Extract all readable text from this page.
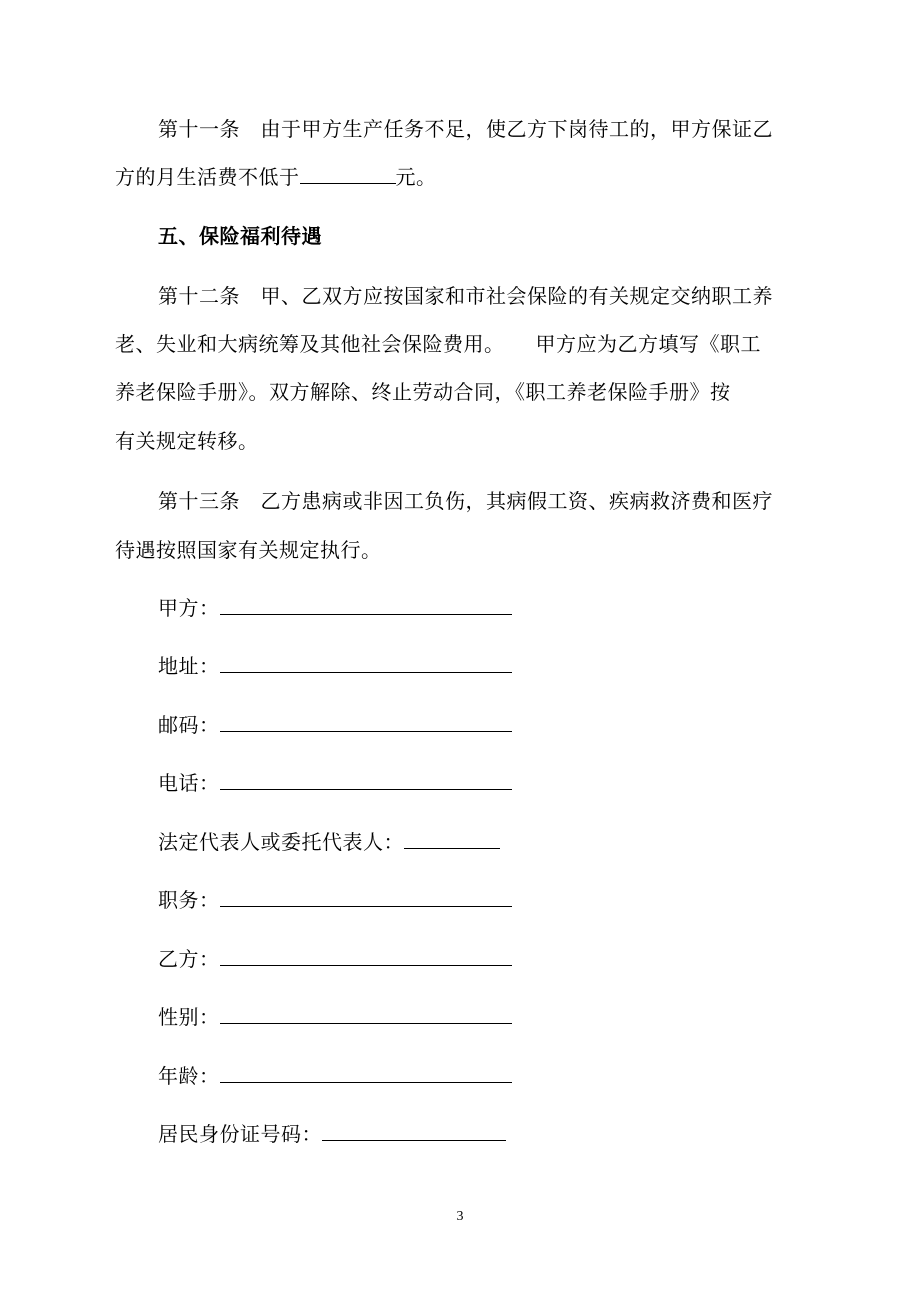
第十一条　由于甲方生产任务不足，使乙方下岗待工的，甲方保证乙
方的月生活费不低于	元。
五、保险福利待遇
第十二条　甲、乙双方应按国家和市社会保险的有关规定交纳职工养
老、失业和大病统筹及其他社会保险费用。　　甲方应为乙方填写《职工
养老保险手册》。双方解除、终止劳动合同，《职工养老保险手册》按
有关规定转移。
第十三条　乙方患病或非因工负伤，其病假工资、疾病救济费和医疗
待遇按照国家有关规定执行。
甲方：
地址：
邮码：
电话：
法定代表人或委托代表人：
职务：
乙方：
性别：
年龄：
居民身份证号码：
3
